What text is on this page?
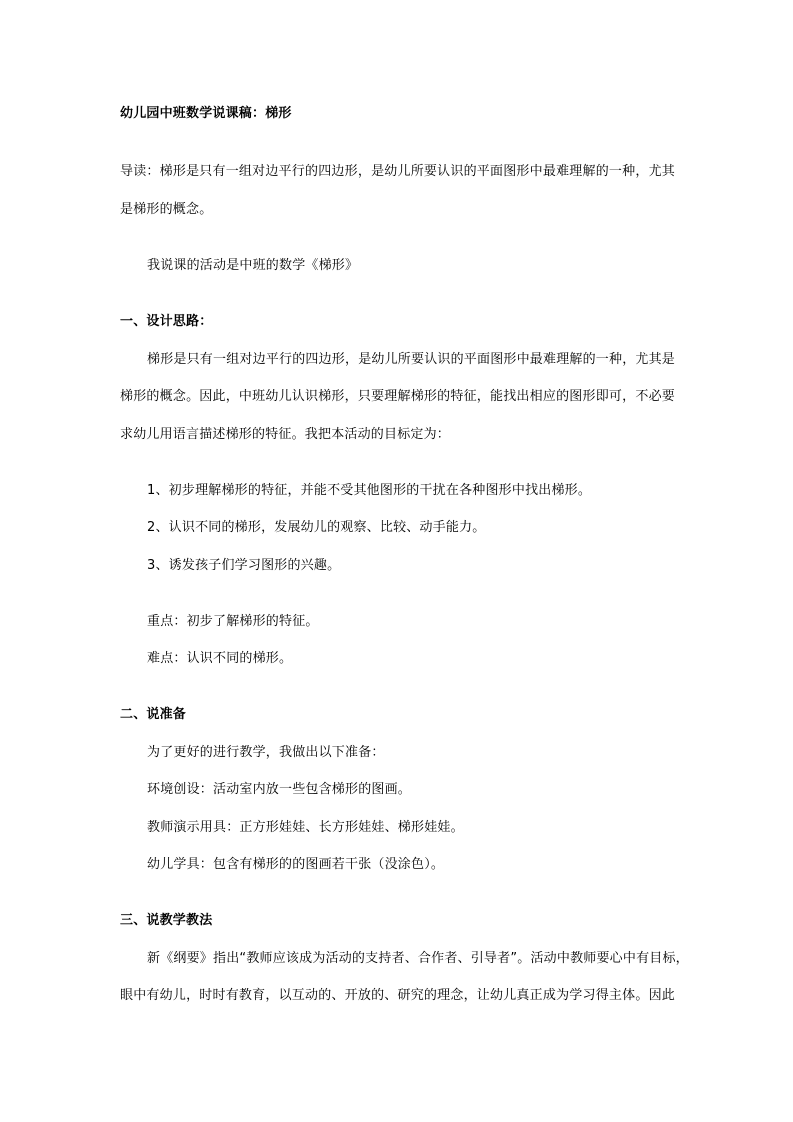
幼儿园中班数学说课稿：梯形
导读：梯形是只有一组对边平行的四边形，是幼儿所要认识的平面图形中最难理解的一种，尤其
是梯形的概念。
我说课的活动是中班的数学《梯形》
一、设计思路：
梯形是只有一组对边平行的四边形，是幼儿所要认识的平面图形中最难理解的一种，尤其是
梯形的概念。因此，中班幼儿认识梯形，只要理解梯形的特征，能找出相应的图形即可，不必要
求幼儿用语言描述梯形的特征。我把本活动的目标定为：
1、初步理解梯形的特征，并能不受其他图形的干扰在各种图形中找出梯形。
2、认识不同的梯形，发展幼儿的观察、比较、动手能力。
3、诱发孩子们学习图形的兴趣。
重点：初步了解梯形的特征。
难点：认识不同的梯形。
二、说准备
为了更好的进行教学，我做出以下准备：
环境创设：活动室内放一些包含梯形的图画。
教师演示用具：正方形娃娃、长方形娃娃、梯形娃娃。
幼儿学具：包含有梯形的的图画若干张（没涂色）。
三、说教学教法
新《纲要》指出“教师应该成为活动的支持者、合作者、引导者”。活动中教师要心中有目标，
眼中有幼儿，时时有教育，以互动的、开放的、研究的理念，让幼儿真正成为学习得主体。因此
